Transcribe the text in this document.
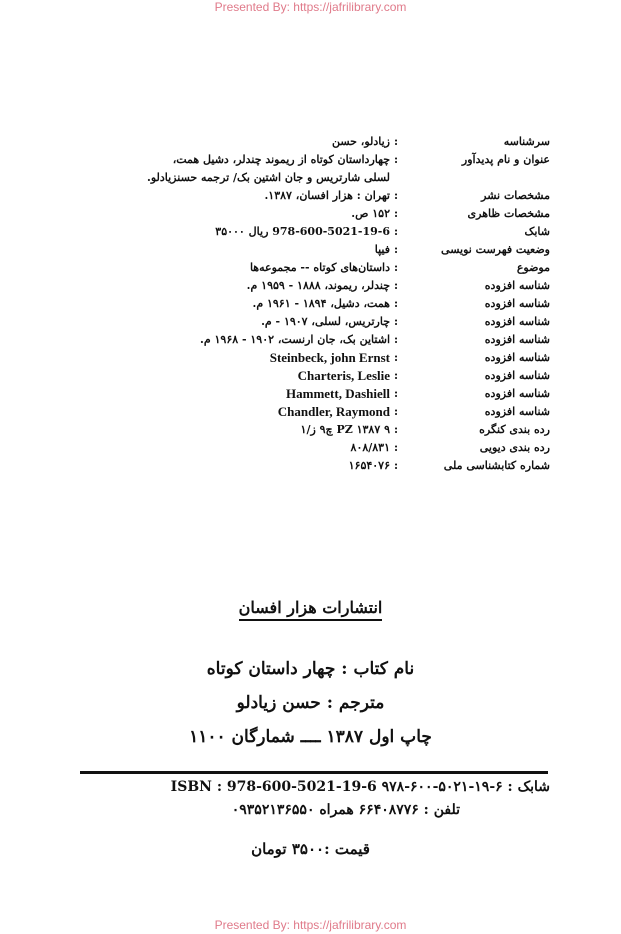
Presented By: https://jafrilibrary.com
سرشناسه
:
زیادلو، حسن
عنوان و نام پدیدآور
:
چهارداستان کوتاه از ریموند چندلر، دشیل همت، لسلی شارتریس و جان اشتین بک/ ترجمه حسنزیادلو.
مشخصات نشر
:
تهران : هزار افسان، ۱۳۸۷.
مشخصات ظاهری
:
۱۵۲ ص.
شابک
:
978-600-5021-19-6 ریال ۳۵۰۰۰
وضعیت فهرست نویسی
:
فیپا
موضوع
:
داستان‌های کوتاه -- مجموعه‌ها
شناسه افزوده
:
چندلر، ریموند، ۱۸۸۸ - ۱۹۵۹ م.
شناسه افزوده
:
همت، دشیل، ۱۸۹۴ - ۱۹۶۱ م.
شناسه افزوده
:
چارتریس، لسلی، ۱۹۰۷ - م.
شناسه افزوده
:
اشتاین بک، جان ارنست، ۱۹۰۲ - ۱۹۶۸ م.
شناسه افزوده
:
Steinbeck, john Ernst
شناسه افزوده
:
Charteris, Leslie
شناسه افزوده
:
Hammett, Dashiell
شناسه افزوده
:
Chandler, Raymond
رده بندی کنگره
:
PZ ۱۳۸۷ ۹ چ۹ ز/۱
رده بندی دیویی
:
۸۰۸/۸۳۱
شماره کتابشناسی ملی
:
۱۶۵۴۰۷۶
انتشارات هزار افسان
نام کتاب : چهار داستان کوتاه
مترجم : حسن زیادلو
چاپ اول ۱۳۸۷ ــــ شمارگان ۱۱۰۰
شابک : ۶-۱۹-۵۰۲۱-۶۰۰-۹۷۸ ISBN : 978-600-5021-19-6
تلفن : ۶۶۴۰۸۷۷۶ همراه ۰۹۳۵۲۱۳۶۵۵۰
قیمت :۳۵۰۰ تومان
Presented By: https://jafrilibrary.com
